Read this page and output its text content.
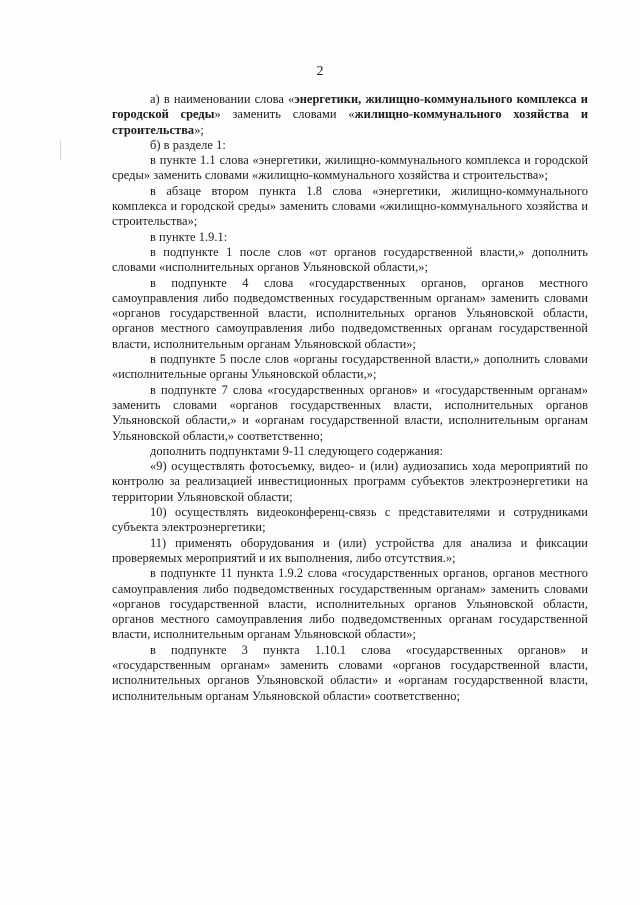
2

а) в наименовании слова «энергетики, жилищно-коммунального комплекса и городской среды» заменить словами «жилищно-коммунального хозяйства и строительства»;

б) в разделе 1:

в пункте 1.1 слова «энергетики, жилищно-коммунального комплекса и городской среды» заменить словами «жилищно-коммунального хозяйства и строительства»;

в абзаце втором пункта 1.8 слова «энергетики, жилищно-коммунального комплекса и городской среды» заменить словами «жилищно-коммунального хозяйства и строительства»;

в пункте 1.9.1:

в подпункте 1 после слов «от органов государственной власти,» дополнить словами «исполнительных органов Ульяновской области,»;

в подпункте 4 слова «государственных органов, органов местного самоуправления либо подведомственных государственным органам» заменить словами «органов государственной власти, исполнительных органов Ульяновской области, органов местного самоуправления либо подведомственных органам государственной власти, исполнительным органам Ульяновской области»;

в подпункте 5 после слов «органы государственной власти,» дополнить словами «исполнительные органы Ульяновской области,»;

в подпункте 7 слова «государственных органов» и «государственным органам» заменить словами «органов государственных власти, исполнительных органов Ульяновской области,» и «органам государственной власти, исполнительным органам Ульяновской области,» соответственно;

дополнить подпунктами 9-11 следующего содержания:

«9) осуществлять фотосъемку, видео- и (или) аудиозапись хода мероприятий по контролю за реализацией инвестиционных программ субъектов электроэнергетики на территории Ульяновской области;

10) осуществлять видеоконференц-связь с представителями и сотрудниками субъекта электроэнергетики;

11) применять оборудования и (или) устройства для анализа и фиксации проверяемых мероприятий и их выполнения, либо отсутствия.»;

в подпункте 11 пункта 1.9.2 слова «государственных органов, органов местного самоуправления либо подведомственных государственным органам» заменить словами «органов государственной власти, исполнительных органов Ульяновской области, органов местного самоуправления либо подведомственных органам государственной власти, исполнительным органам Ульяновской области»;

в подпункте 3 пункта 1.10.1 слова «государственных органов» и «государственным органам» заменить словами «органов государственной власти, исполнительных органов Ульяновской области» и «органам государственной власти, исполнительным органам Ульяновской области» соответственно;
